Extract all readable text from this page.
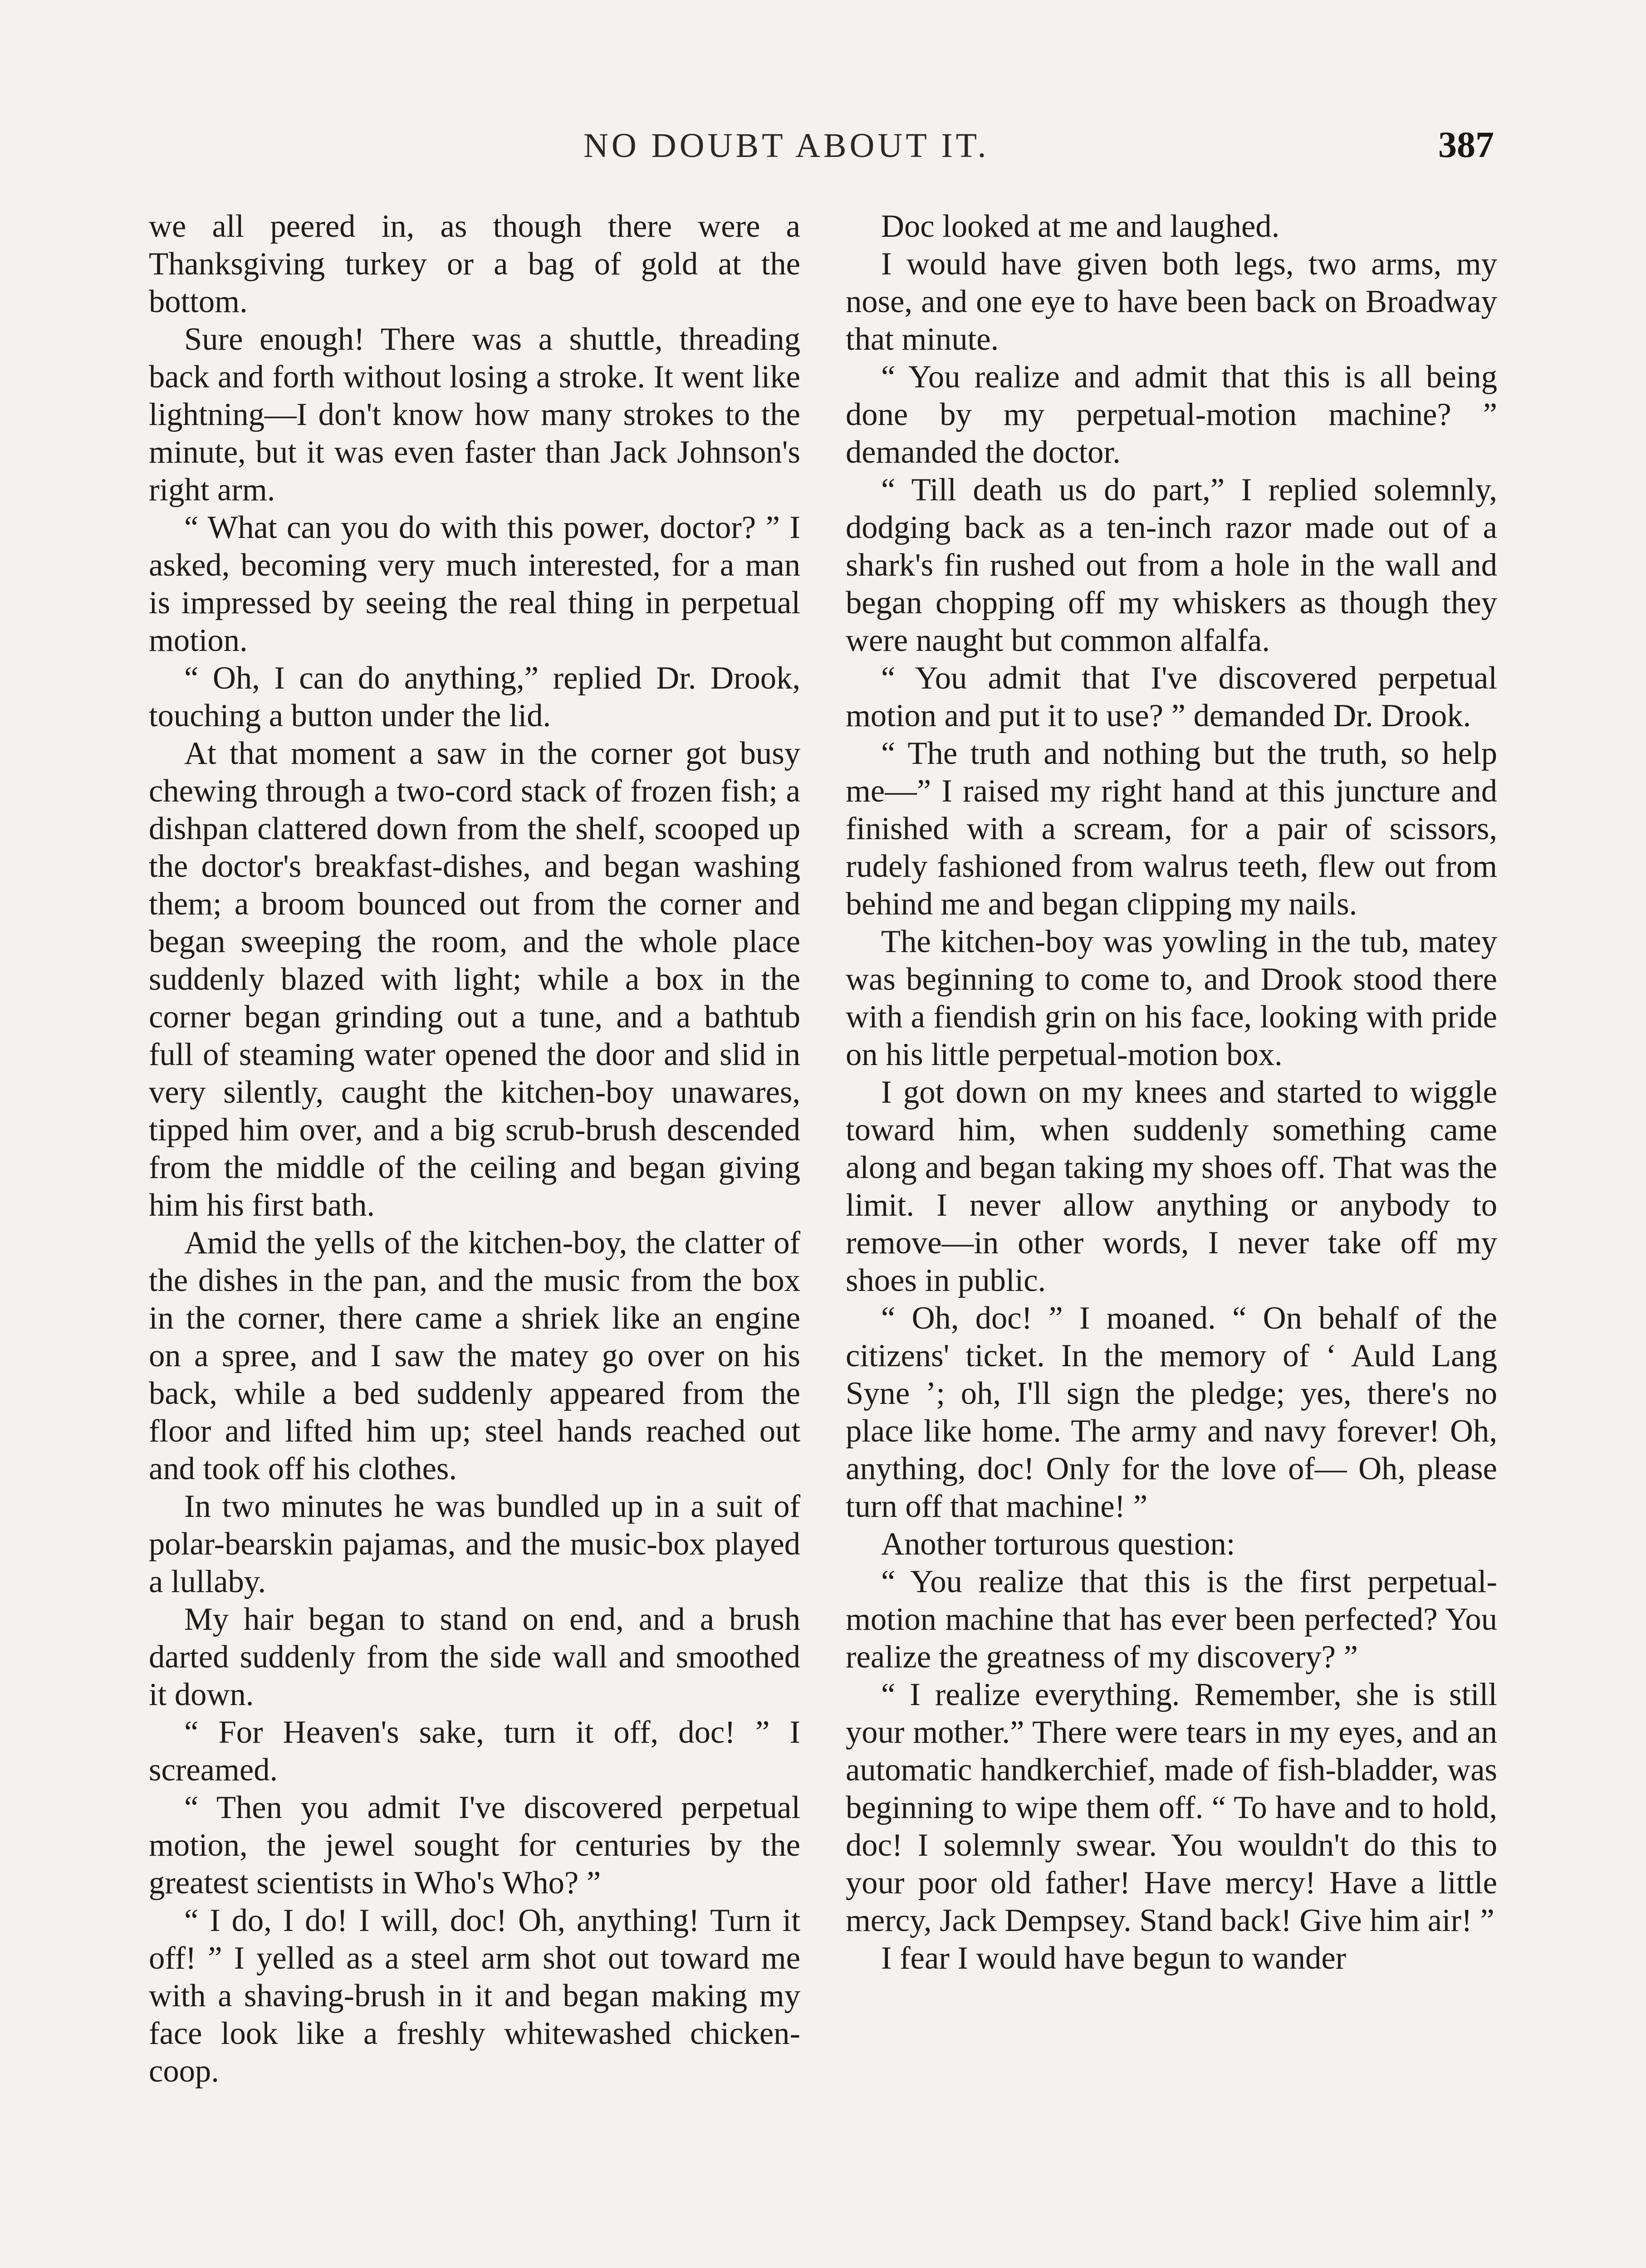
NO DOUBT ABOUT IT.	387

we all peered in, as though there were a Thanksgiving turkey or a bag of gold at the bottom.

Sure enough! There was a shuttle, threading back and forth without losing a stroke. It went like lightning—I don't know how many strokes to the minute, but it was even faster than Jack Johnson's right arm.

“ What can you do with this power, doctor? ” I asked, becoming very much interested, for a man is impressed by seeing the real thing in perpetual motion.

“ Oh, I can do anything,” replied Dr. Drook, touching a button under the lid.

At that moment a saw in the corner got busy chewing through a two-cord stack of frozen fish; a dishpan clattered down from the shelf, scooped up the doctor's breakfast-dishes, and began washing them; a broom bounced out from the corner and began sweeping the room, and the whole place suddenly blazed with light; while a box in the corner began grinding out a tune, and a bathtub full of steaming water opened the door and slid in very silently, caught the kitchen-boy unawares, tipped him over, and a big scrub-brush descended from the middle of the ceiling and began giving him his first bath.

Amid the yells of the kitchen-boy, the clatter of the dishes in the pan, and the music from the box in the corner, there came a shriek like an engine on a spree, and I saw the matey go over on his back, while a bed suddenly appeared from the floor and lifted him up; steel hands reached out and took off his clothes.

In two minutes he was bundled up in a suit of polar-bearskin pajamas, and the music-box played a lullaby.

My hair began to stand on end, and a brush darted suddenly from the side wall and smoothed it down.

“ For Heaven's sake, turn it off, doc! ” I screamed.

“ Then you admit I've discovered perpetual motion, the jewel sought for centuries by the greatest scientists in Who's Who? ”

“ I do, I do! I will, doc! Oh, anything! Turn it off! ” I yelled as a steel arm shot out toward me with a shaving-brush in it and began making my face look like a freshly whitewashed chicken-coop.

Doc looked at me and laughed.

I would have given both legs, two arms, my nose, and one eye to have been back on Broadway that minute.

“ You realize and admit that this is all being done by my perpetual-motion machine? ” demanded the doctor.

“ Till death us do part,” I replied solemnly, dodging back as a ten-inch razor made out of a shark's fin rushed out from a hole in the wall and began chopping off my whiskers as though they were naught but common alfalfa.

“ You admit that I've discovered perpetual motion and put it to use? ” demanded Dr. Drook.

“ The truth and nothing but the truth, so help me—” I raised my right hand at this juncture and finished with a scream, for a pair of scissors, rudely fashioned from walrus teeth, flew out from behind me and began clipping my nails.

The kitchen-boy was yowling in the tub, matey was beginning to come to, and Drook stood there with a fiendish grin on his face, looking with pride on his little perpetual-motion box.

I got down on my knees and started to wiggle toward him, when suddenly something came along and began taking my shoes off. That was the limit. I never allow anything or anybody to remove—in other words, I never take off my shoes in public.

“ Oh, doc! ” I moaned. “ On behalf of the citizens' ticket. In the memory of ‘ Auld Lang Syne ’; oh, I'll sign the pledge; yes, there's no place like home. The army and navy forever! Oh, anything, doc! Only for the love of— Oh, please turn off that machine! ”

Another torturous question:

“ You realize that this is the first perpetual-motion machine that has ever been perfected? You realize the greatness of my discovery? ”

“ I realize everything. Remember, she is still your mother.” There were tears in my eyes, and an automatic handkerchief, made of fish-bladder, was beginning to wipe them off. “ To have and to hold, doc! I solemnly swear. You wouldn't do this to your poor old father! Have mercy! Have a little mercy, Jack Dempsey. Stand back! Give him air! ”

I fear I would have begun to wander
